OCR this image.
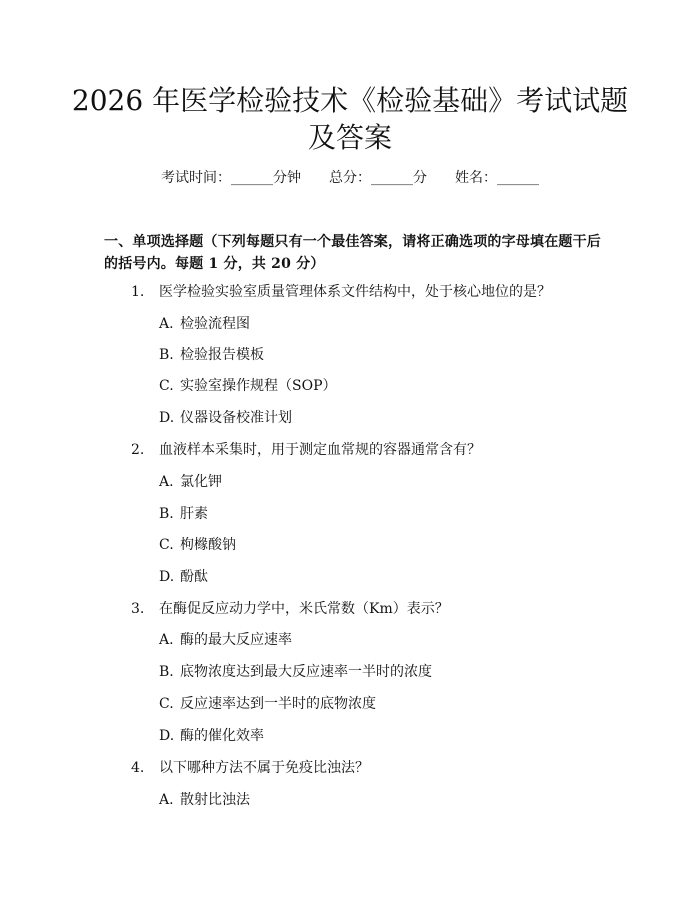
2026 年医学检验技术《检验基础》考试试题
及答案
考试时间：______分钟 总分：______分 姓名：______
一、单项选择题（下列每题只有一个最佳答案，请将正确选项的字母填在题干后
的括号内。每题 1 分，共 20 分）
1.	医学检验实验室质量管理体系文件结构中，处于核心地位的是？
A. 检验流程图
B. 检验报告模板
C. 实验室操作规程（SOP）
D. 仪器设备校准计划
2.	血液样本采集时，用于测定血常规的容器通常含有？
A. 氯化钾
B. 肝素
C. 枸橼酸钠
D. 酚酞
3.	在酶促反应动力学中，米氏常数（Km）表示？
A. 酶的最大反应速率
B. 底物浓度达到最大反应速率一半时的浓度
C. 反应速率达到一半时的底物浓度
D. 酶的催化效率
4.	以下哪种方法不属于免疫比浊法？
A. 散射比浊法
